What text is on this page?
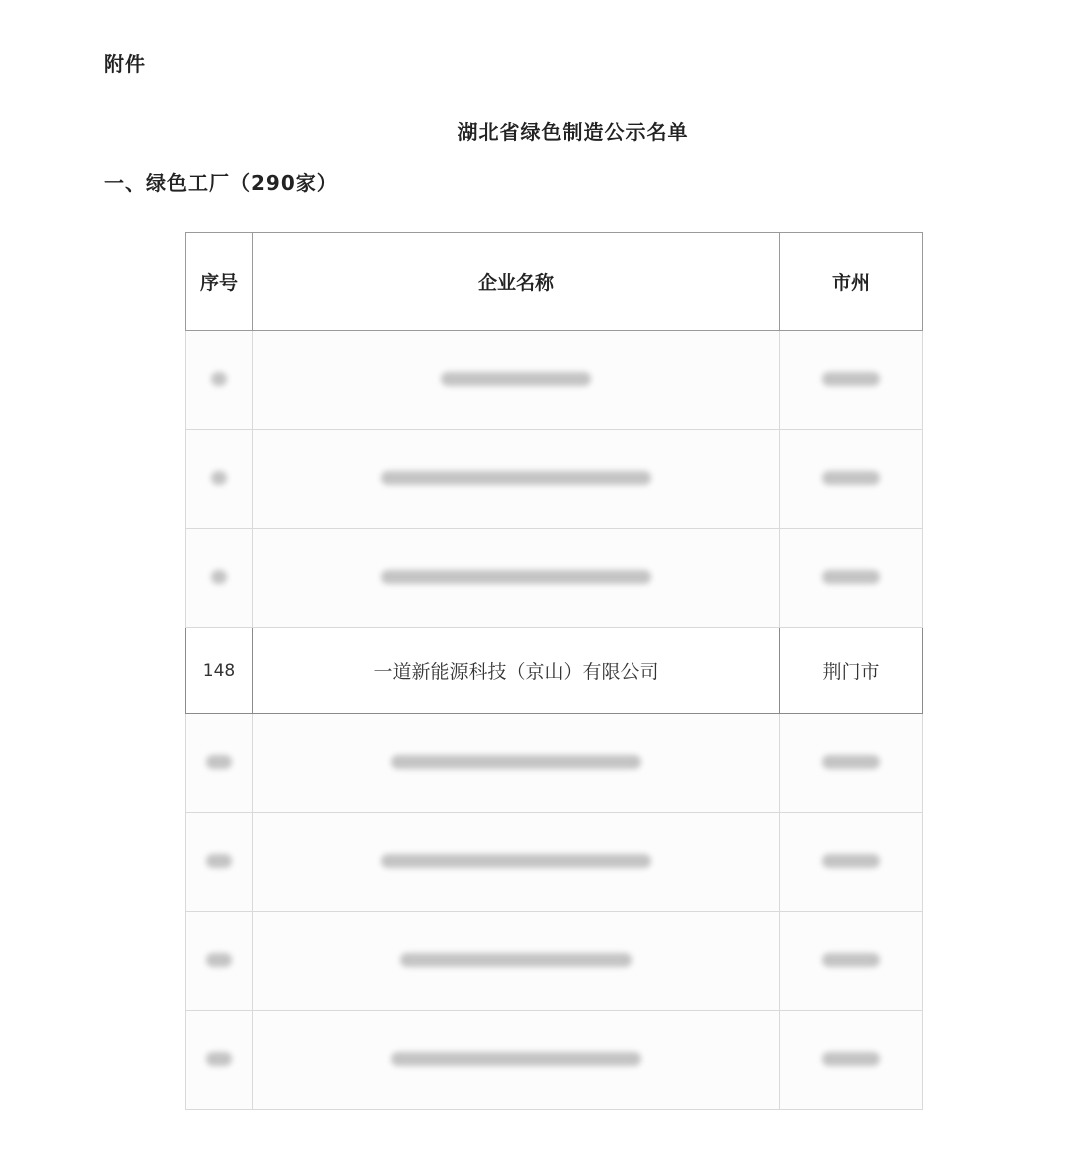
附件
湖北省绿色制造公示名单
一、绿色工厂（290家）
序号	企业名称	市州

148	一道新能源科技（京山）有限公司	荆门市
